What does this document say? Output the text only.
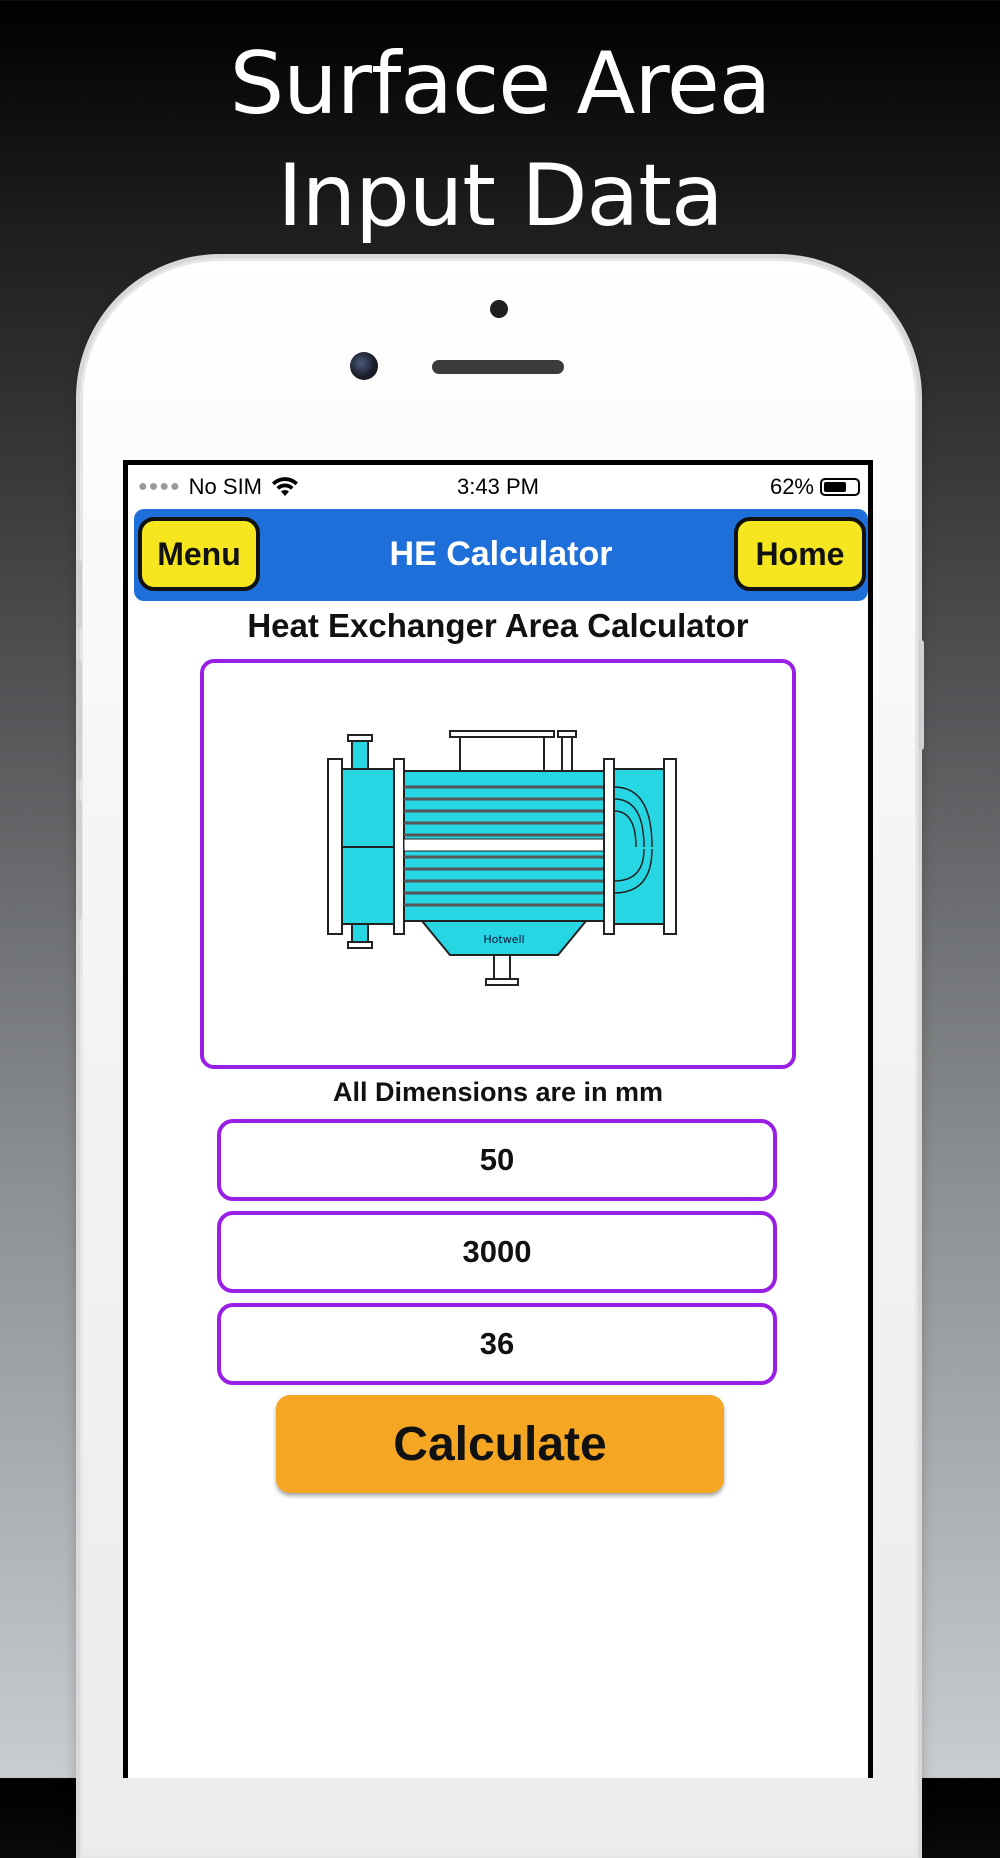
Surface Area
Input Data
●●●● No SIM	3:43 PM	62%
Menu	HE Calculator	Home
Heat Exchanger Area Calculator
Hotwell
All Dimensions are in mm
50
3000
36
Calculate
